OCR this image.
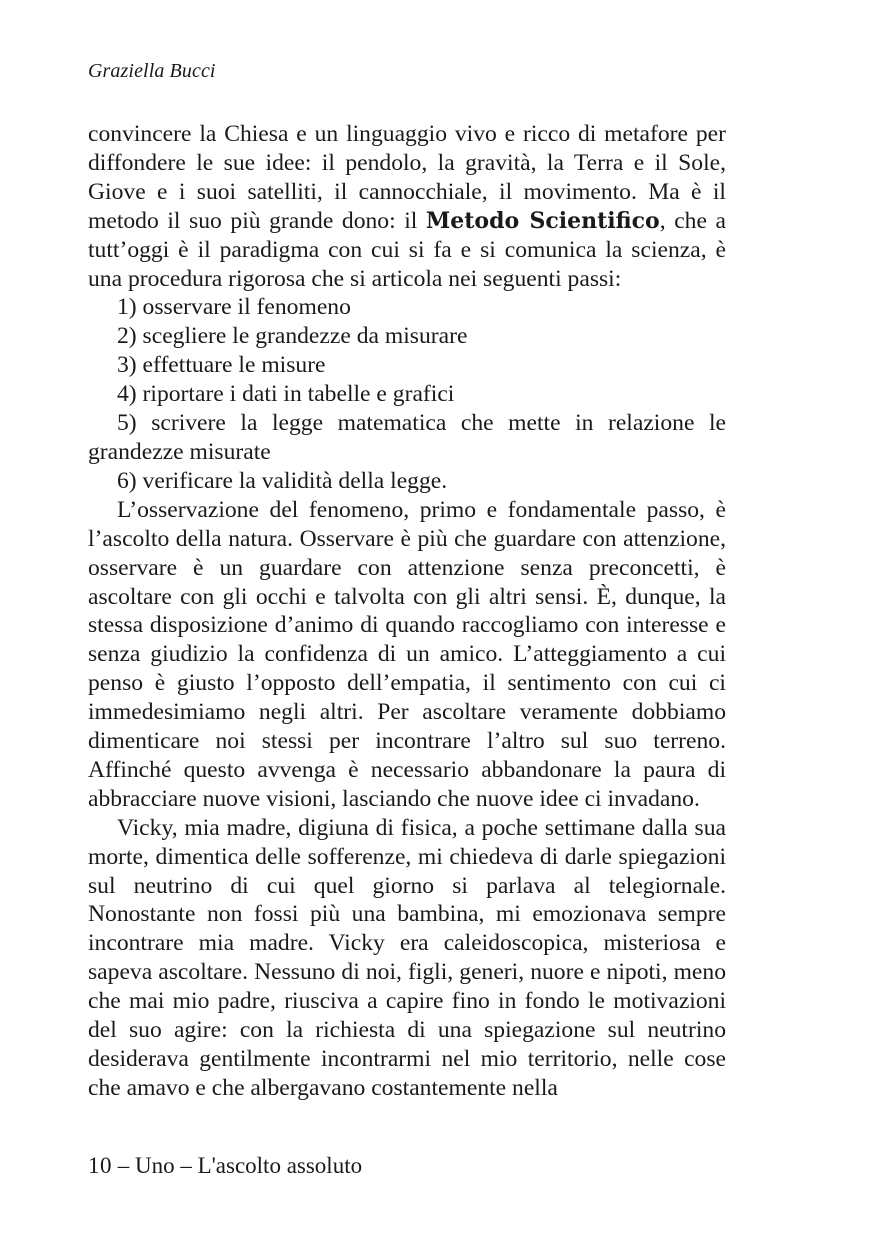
Graziella Bucci

convincere la Chiesa e un linguaggio vivo e ricco di metafore per diffondere le sue idee: il pendolo, la gravità, la Terra e il Sole, Giove e i suoi satelliti, il cannocchiale, il movimento. Ma è il metodo il suo più grande dono: il Metodo Scientifico, che a tutt’oggi è il paradigma con cui si fa e si comunica la scienza, è una procedura rigorosa che si articola nei seguenti passi:

1) osservare il fenomeno

2) scegliere le grandezze da misurare

3) effettuare le misure

4) riportare i dati in tabelle e grafici

5) scrivere la legge matematica che mette in relazione le grandezze misurate

6) verificare la validità della legge.

L’osservazione del fenomeno, primo e fondamentale passo, è l’ascolto della natura. Osservare è più che guardare con attenzione, osservare è un guardare con attenzione senza preconcetti, è ascoltare con gli occhi e talvolta con gli altri sensi. È, dunque, la stessa disposizione d’animo di quando raccogliamo con interesse e senza giudizio la confidenza di un amico. L’atteggiamento a cui penso è giusto l’opposto dell’empatia, il sentimento con cui ci immedesimiamo negli altri. Per ascoltare veramente dobbiamo dimenticare noi stessi per incontrare l’altro sul suo terreno. Affinché questo avvenga è necessario abbandonare la paura di abbracciare nuove visioni, lasciando che nuove idee ci invadano.

Vicky, mia madre, digiuna di fisica, a poche settimane dalla sua morte, dimentica delle sofferenze, mi chiedeva di darle spiegazioni sul neutrino di cui quel giorno si parlava al telegiornale. Nonostante non fossi più una bambina, mi emozionava sempre incontrare mia madre. Vicky era caleidoscopica, misteriosa e sapeva ascoltare. Nessuno di noi, figli, generi, nuore e nipoti, meno che mai mio padre, riusciva a capire fino in fondo le motivazioni del suo agire: con la richiesta di una spiegazione sul neutrino desiderava gentilmente incontrarmi nel mio territorio, nelle cose che amavo e che albergavano costantemente nella

10 – Uno – L'ascolto assoluto
